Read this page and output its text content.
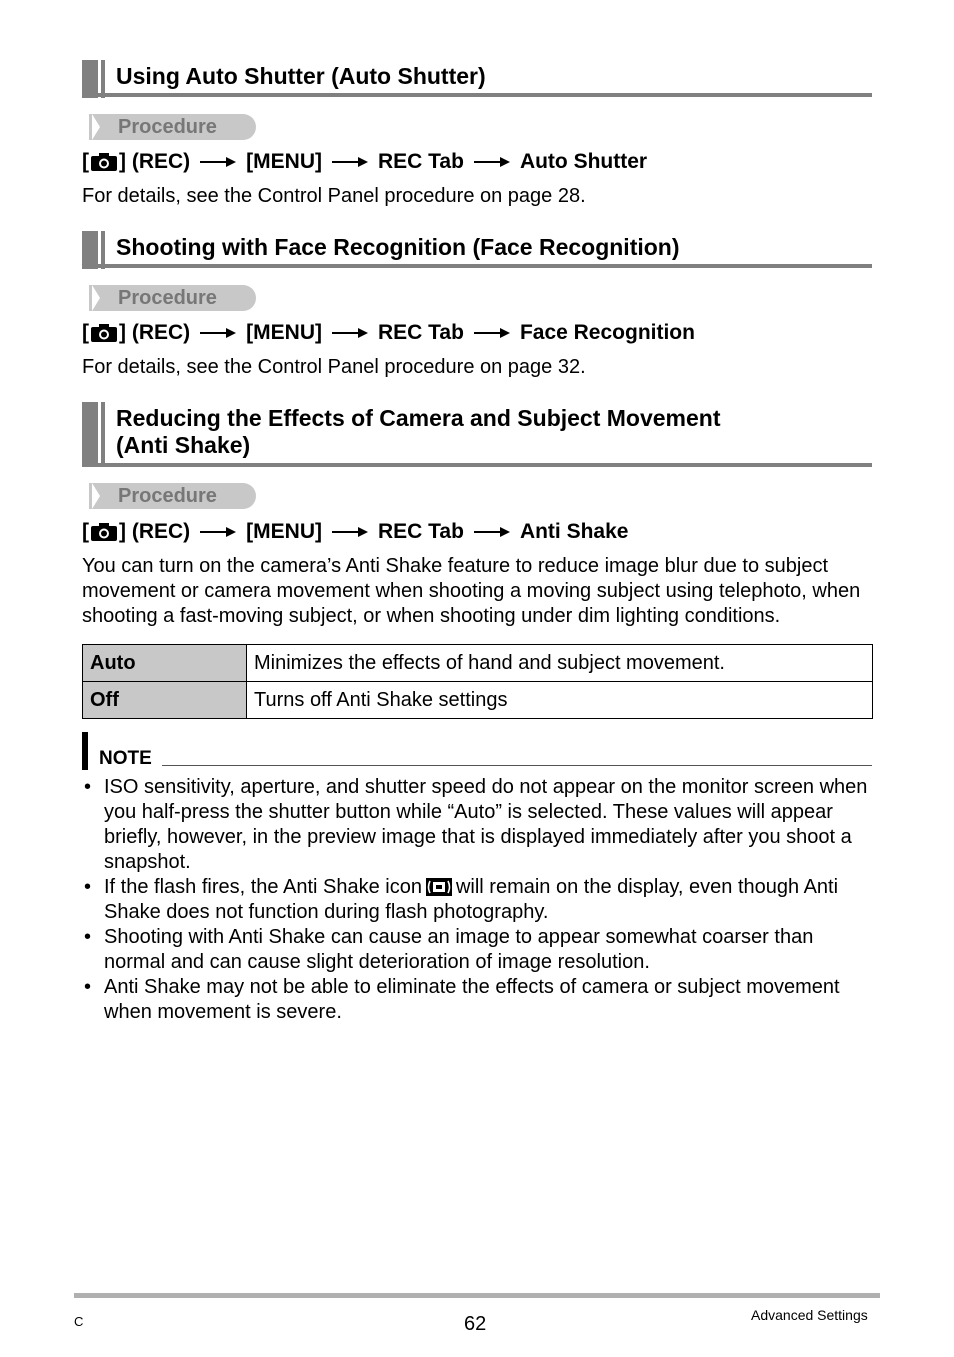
Using Auto Shutter (Auto Shutter)
Procedure
[ ] (REC)	[MENU]	REC Tab	Auto Shutter
For details, see the Control Panel procedure on page 28.
Shooting with Face Recognition (Face Recognition)
Procedure
[ ] (REC)	[MENU]	REC Tab	Face Recognition
For details, see the Control Panel procedure on page 32.
Reducing the Effects of Camera and Subject Movement
(Anti Shake)
Procedure
[ ] (REC)	[MENU]	REC Tab	Anti Shake
You can turn on the camera’s Anti Shake feature to reduce image blur due to subject movement or camera movement when shooting a moving subject using telephoto, when shooting a fast-moving subject, or when shooting under dim lighting conditions.
Auto	Minimizes the effects of hand and subject movement.
Off	Turns off Anti Shake settings
NOTE
• ISO sensitivity, aperture, and shutter speed do not appear on the monitor screen when you half-press the shutter button while “Auto” is selected. These values will appear briefly, however, in the preview image that is displayed immediately after you shoot a snapshot.
• If the flash fires, the Anti Shake icon will remain on the display, even though Anti Shake does not function during flash photography.
• Shooting with Anti Shake can cause an image to appear somewhat coarser than normal and can cause slight deterioration of image resolution.
• Anti Shake may not be able to eliminate the effects of camera or subject movement when movement is severe.
C	62	Advanced Settings
